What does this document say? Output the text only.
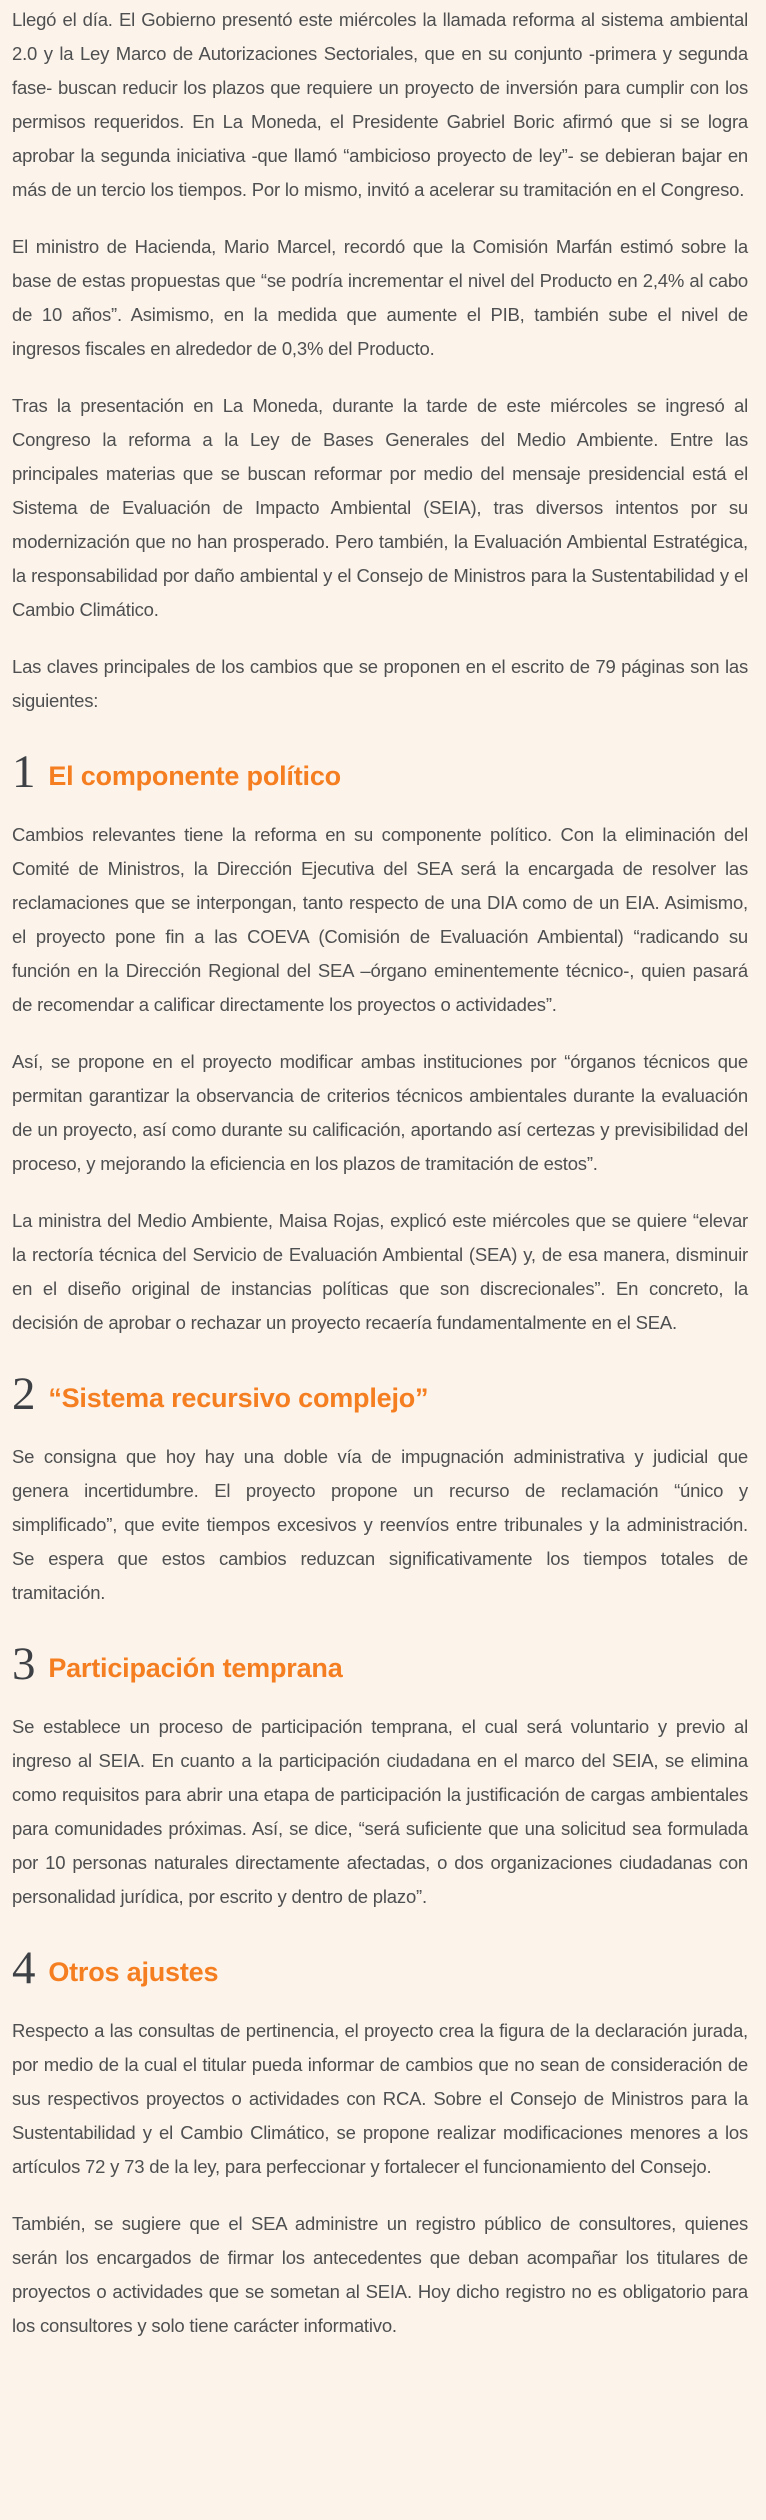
Llegó el día. El Gobierno presentó este miércoles la llamada reforma al sistema ambiental 2.0 y la Ley Marco de Autorizaciones Sectoriales, que en su conjunto -primera y segunda fase- buscan reducir los plazos que requiere un proyecto de inversión para cumplir con los permisos requeridos. En La Moneda, el Presidente Gabriel Boric afirmó que si se logra aprobar la segunda iniciativa -que llamó “ambicioso proyecto de ley”- se debieran bajar en más de un tercio los tiempos. Por lo mismo, invitó a acelerar su tramitación en el Congreso.

El ministro de Hacienda, Mario Marcel, recordó que la Comisión Marfán estimó sobre la base de estas propuestas que “se podría incrementar el nivel del Producto en 2,4% al cabo de 10 años”. Asimismo, en la medida que aumente el PIB, también sube el nivel de ingresos fiscales en alrededor de 0,3% del Producto.

Tras la presentación en La Moneda, durante la tarde de este miércoles se ingresó al Congreso la reforma a la Ley de Bases Generales del Medio Ambiente. Entre las principales materias que se buscan reformar por medio del mensaje presidencial está el Sistema de Evaluación de Impacto Ambiental (SEIA), tras diversos intentos por su modernización que no han prosperado. Pero también, la Evaluación Ambiental Estratégica, la responsabilidad por daño ambiental y el Consejo de Ministros para la Sustentabilidad y el Cambio Climático.

Las claves principales de los cambios que se proponen en el escrito de 79 páginas son las siguientes:

1 El componente político

Cambios relevantes tiene la reforma en su componente político. Con la eliminación del Comité de Ministros, la Dirección Ejecutiva del SEA será la encargada de resolver las reclamaciones que se interpongan, tanto respecto de una DIA como de un EIA. Asimismo, el proyecto pone fin a las COEVA (Comisión de Evaluación Ambiental) “radicando su función en la Dirección Regional del SEA –órgano eminentemente técnico-, quien pasará de recomendar a calificar directamente los proyectos o actividades”.

Así, se propone en el proyecto modificar ambas instituciones por “órganos técnicos que permitan garantizar la observancia de criterios técnicos ambientales durante la evaluación de un proyecto, así como durante su calificación, aportando así certezas y previsibilidad del proceso, y mejorando la eficiencia en los plazos de tramitación de estos”.

La ministra del Medio Ambiente, Maisa Rojas, explicó este miércoles que se quiere “elevar la rectoría técnica del Servicio de Evaluación Ambiental (SEA) y, de esa manera, disminuir en el diseño original de instancias políticas que son discrecionales”. En concreto, la decisión de aprobar o rechazar un proyecto recaería fundamentalmente en el SEA.

2 “Sistema recursivo complejo”

Se consigna que hoy hay una doble vía de impugnación administrativa y judicial que genera incertidumbre. El proyecto propone un recurso de reclamación “único y simplificado”, que evite tiempos excesivos y reenvíos entre tribunales y la administración. Se espera que estos cambios reduzcan significativamente los tiempos totales de tramitación.

3 Participación temprana

Se establece un proceso de participación temprana, el cual será voluntario y previo al ingreso al SEIA. En cuanto a la participación ciudadana en el marco del SEIA, se elimina como requisitos para abrir una etapa de participación la justificación de cargas ambientales para comunidades próximas. Así, se dice, “será suficiente que una solicitud sea formulada por 10 personas naturales directamente afectadas, o dos organizaciones ciudadanas con personalidad jurídica, por escrito y dentro de plazo”.

4 Otros ajustes

Respecto a las consultas de pertinencia, el proyecto crea la figura de la declaración jurada, por medio de la cual el titular pueda informar de cambios que no sean de consideración de sus respectivos proyectos o actividades con RCA. Sobre el Consejo de Ministros para la Sustentabilidad y el Cambio Climático, se propone realizar modificaciones menores a los artículos 72 y 73 de la ley, para perfeccionar y fortalecer el funcionamiento del Consejo.

También, se sugiere que el SEA administre un registro público de consultores, quienes serán los encargados de firmar los antecedentes que deban acompañar los titulares de proyectos o actividades que se sometan al SEIA. Hoy dicho registro no es obligatorio para los consultores y solo tiene carácter informativo.
